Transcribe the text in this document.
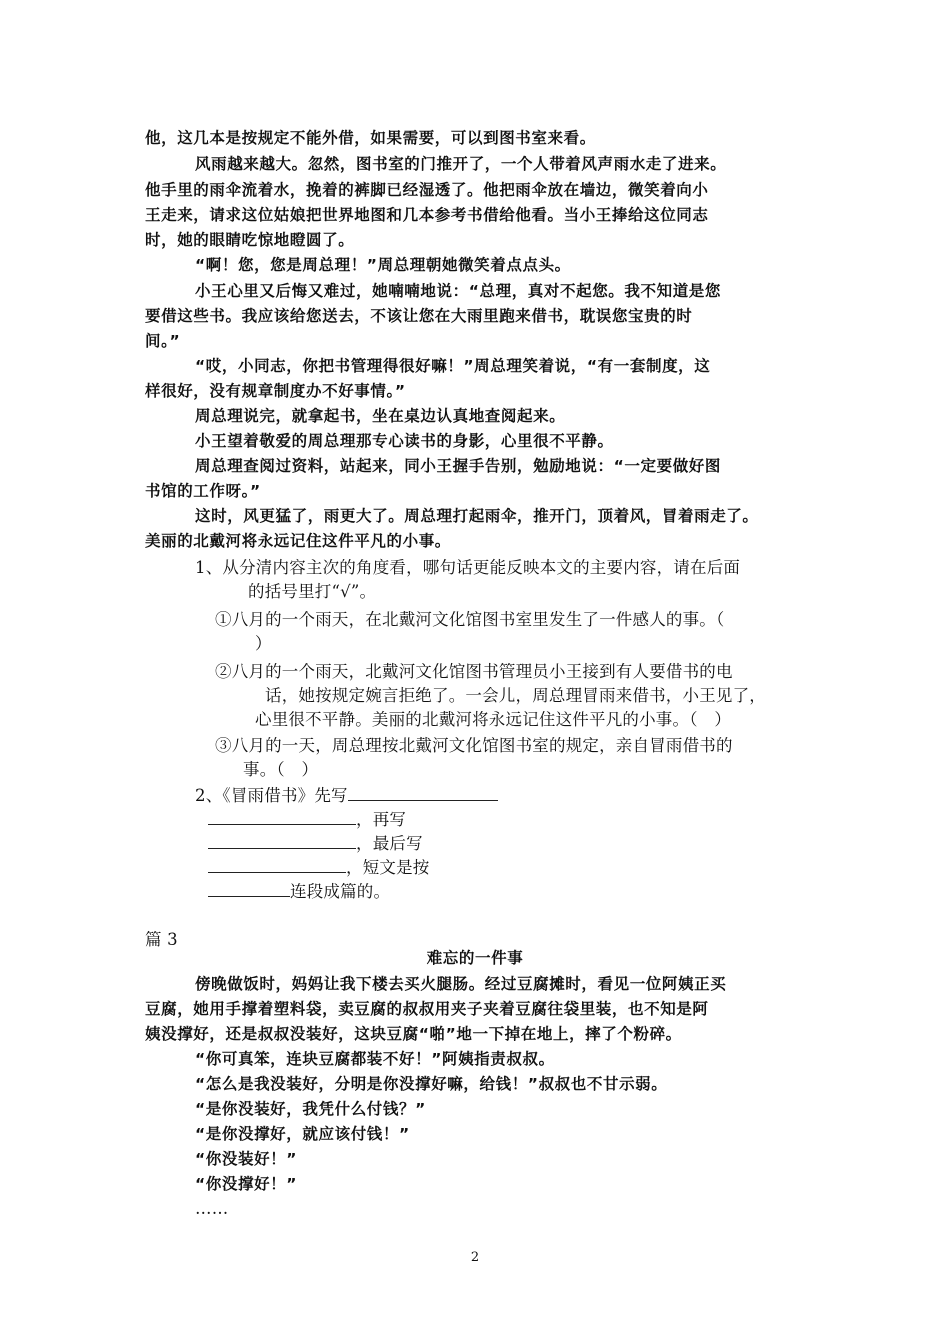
他，这几本是按规定不能外借，如果需要，可以到图书室来看。
风雨越来越大。忽然，图书室的门推开了，一个人带着风声雨水走了进来。
他手里的雨伞流着水，挽着的裤脚已经湿透了。他把雨伞放在墙边，微笑着向小
王走来，请求这位姑娘把世界地图和几本参考书借给他看。当小王捧给这位同志
时，她的眼睛吃惊地瞪圆了。
“啊！您，您是周总理！”周总理朝她微笑着点点头。
小王心里又后悔又难过，她喃喃地说：“总理，真对不起您。我不知道是您
要借这些书。我应该给您送去，不该让您在大雨里跑来借书，耽误您宝贵的时
间。”
“哎，小同志，你把书管理得很好嘛！”周总理笑着说，“有一套制度，这
样很好，没有规章制度办不好事情。”
周总理说完，就拿起书，坐在桌边认真地查阅起来。
小王望着敬爱的周总理那专心读书的身影，心里很不平静。
周总理查阅过资料，站起来，同小王握手告别，勉励地说：“一定要做好图
书馆的工作呀。”
这时，风更猛了，雨更大了。周总理打起雨伞，推开门，顶着风，冒着雨走了。
美丽的北戴河将永远记住这件平凡的小事。
1、从分清内容主次的角度看，哪句话更能反映本文的主要内容，请在后面
的括号里打“√”。
①八月的一个雨天，在北戴河文化馆图书室里发生了一件感人的事。（
）
②八月的一个雨天，北戴河文化馆图书管理员小王接到有人要借书的电
话，她按规定婉言拒绝了。一会儿，周总理冒雨来借书，小王见了，
心里很不平静。美丽的北戴河将永远记住这件平凡的小事。（　）
③八月的一天，周总理按北戴河文化馆图书室的规定，亲自冒雨借书的
事。（　）
2、《冒雨借书》先写
，再写
，最后写
，短文是按
连段成篇的。
篇 3
难忘的一件事
傍晚做饭时，妈妈让我下楼去买火腿肠。经过豆腐摊时，看见一位阿姨正买
豆腐，她用手撑着塑料袋，卖豆腐的叔叔用夹子夹着豆腐往袋里装，也不知是阿
姨没撑好，还是叔叔没装好，这块豆腐“啪”地一下掉在地上，摔了个粉碎。
“你可真笨，连块豆腐都装不好！”阿姨指责叔叔。
“怎么是我没装好，分明是你没撑好嘛，给钱！”叔叔也不甘示弱。
“是你没装好，我凭什么付钱？”
“是你没撑好，就应该付钱！”
“你没装好！”
“你没撑好！”
……
2
